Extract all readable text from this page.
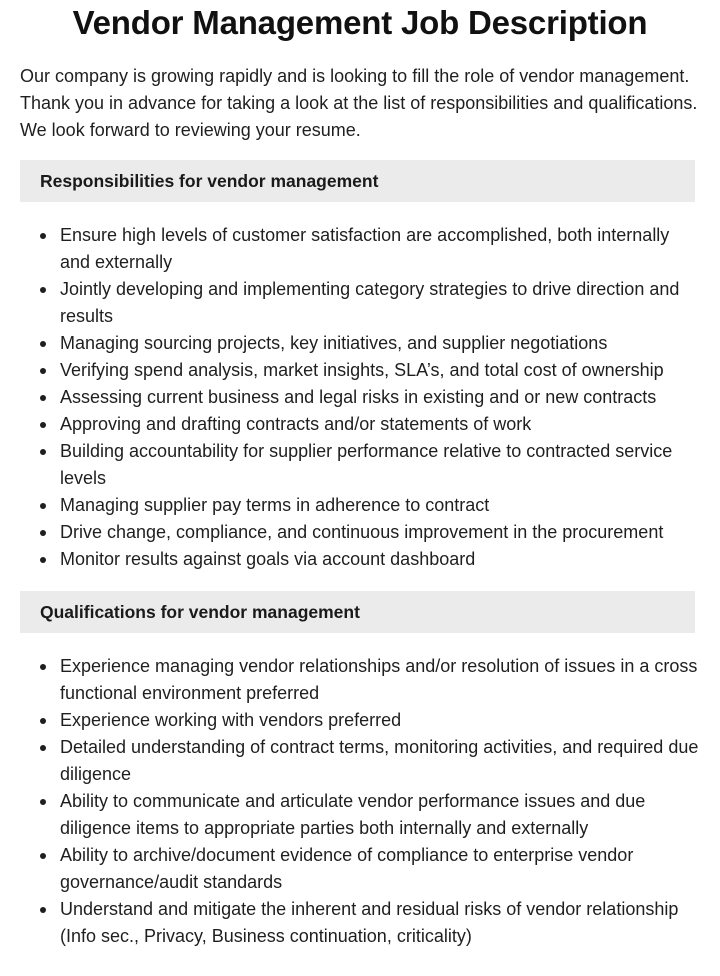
Vendor Management Job Description

Our company is growing rapidly and is looking to fill the role of vendor management. Thank you in advance for taking a look at the list of responsibilities and qualifications. We look forward to reviewing your resume.

Responsibilities for vendor management
Ensure high levels of customer satisfaction are accomplished, both internally and externally
Jointly developing and implementing category strategies to drive direction and results
Managing sourcing projects, key initiatives, and supplier negotiations
Verifying spend analysis, market insights, SLA’s, and total cost of ownership
Assessing current business and legal risks in existing and or new contracts
Approving and drafting contracts and/or statements of work
Building accountability for supplier performance relative to contracted service levels
Managing supplier pay terms in adherence to contract
Drive change, compliance, and continuous improvement in the procurement
Monitor results against goals via account dashboard
Qualifications for vendor management
Experience managing vendor relationships and/or resolution of issues in a cross functional environment preferred
Experience working with vendors preferred
Detailed understanding of contract terms, monitoring activities, and required due diligence
Ability to communicate and articulate vendor performance issues and due diligence items to appropriate parties both internally and externally
Ability to archive/document evidence of compliance to enterprise vendor governance/audit standards
Understand and mitigate the inherent and residual risks of vendor relationship (Info sec., Privacy, Business continuation, criticality)
